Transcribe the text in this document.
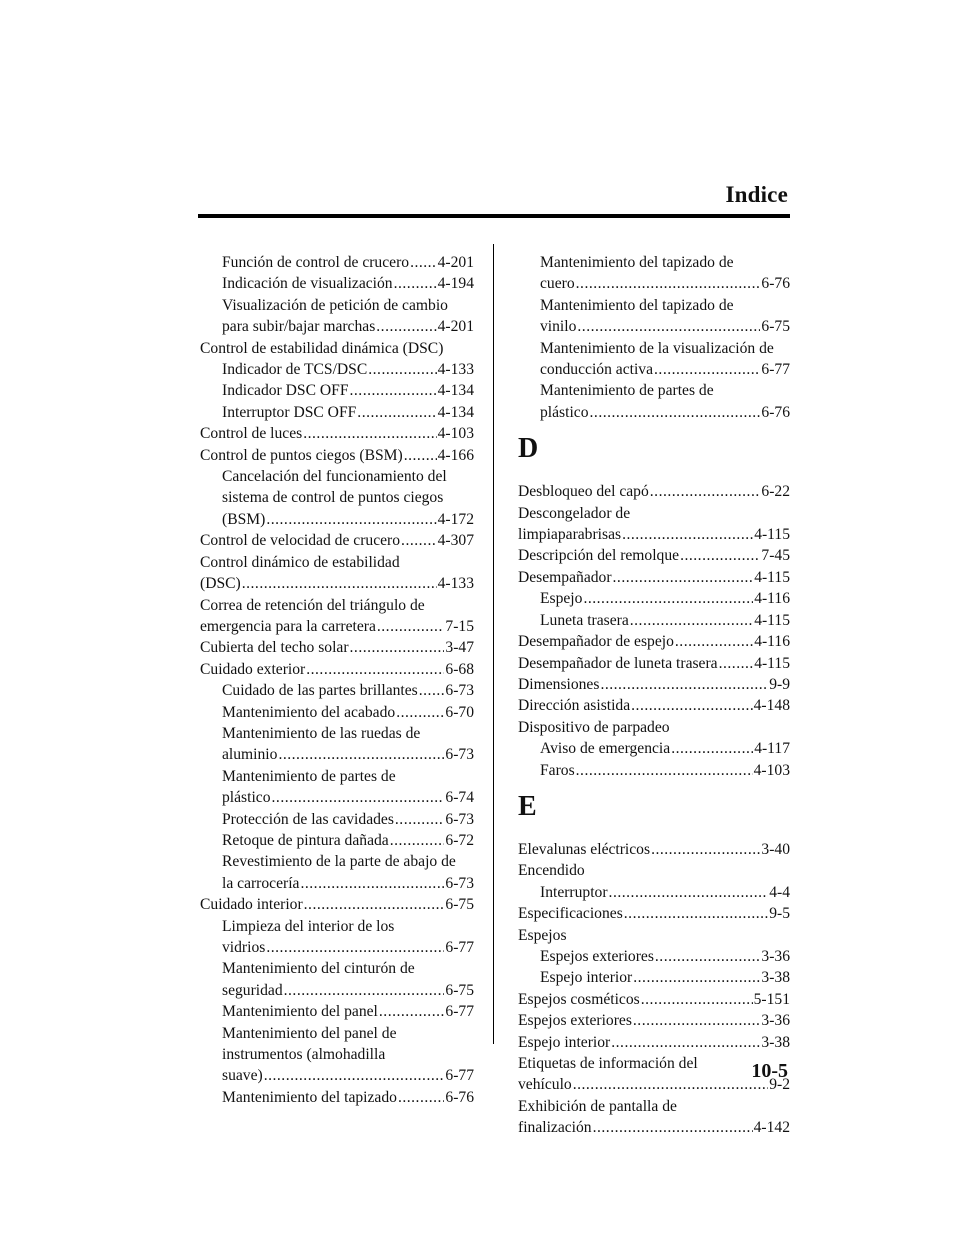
Indice
Función de control de crucero ..... 4-201
Indicación de visualización .....	4-194
Visualización de petición de cambio
para subir/bajar marchas .....	4-201
Control de estabilidad dinámica (DSC)
Indicador de TCS/DSC .....	4-133
Indicador DSC OFF .....	4-134
Interruptor DSC OFF .....	4-134
Control de luces .....	4-103
Control de puntos ciegos (BSM) ..... 4-166
Cancelación del funcionamiento del
sistema de control de puntos ciegos
(BSM) .....	4-172
Control de velocidad de crucero ..... 4-307
Control dinámico de estabilidad
(DSC) .....	4-133
Correa de retención del triángulo de
emergencia para la carretera .....	7-15
Cubierta del techo solar .....	3-47
Cuidado exterior .....	6-68
Cuidado de las partes brillantes ..... 6-73
Mantenimiento del acabado .....	6-70
Mantenimiento de las ruedas de
aluminio .....	6-73
Mantenimiento de partes de
plástico .....	6-74
Protección de las cavidades .....	6-73
Retoque de pintura dañada .....	6-72
Revestimiento de la parte de abajo de
la carrocería .....	6-73
Cuidado interior .....	6-75
Limpieza del interior de los
vidrios .....	6-77
Mantenimiento del cinturón de
seguridad .....	6-75
Mantenimiento del panel .....	6-77
Mantenimiento del panel de
instrumentos (almohadilla
suave) .....	6-77
Mantenimiento del tapizado .....	6-76
Mantenimiento del tapizado de
cuero .....	6-76
Mantenimiento del tapizado de
vinilo .....	6-75
Mantenimiento de la visualización de
conducción activa .....	6-77
Mantenimiento de partes de
plástico .....	6-76
D
Desbloqueo del capó .....	6-22
Descongelador de
limpiaparabrisas .....	4-115
Descripción del remolque .....	7-45
Desempañador .....	4-115
Espejo .....	4-116
Luneta trasera .....	4-115
Desempañador de espejo .....	4-116
Desempañador de luneta trasera ..... 4-115
Dimensiones .....	9-9
Dirección asistida .....	4-148
Dispositivo de parpadeo
Aviso de emergencia .....	4-117
Faros .....	4-103
E
Elevalunas eléctricos .....	3-40
Encendido
Interruptor .....	4-4
Especificaciones .....	9-5
Espejos
Espejos exteriores .....	3-36
Espejo interior .....	3-38
Espejos cosméticos .....	5-151
Espejos exteriores .....	3-36
Espejo interior .....	3-38
Etiquetas de información del
vehículo .....	9-2
Exhibición de pantalla de
finalización .....	4-142
10-5
